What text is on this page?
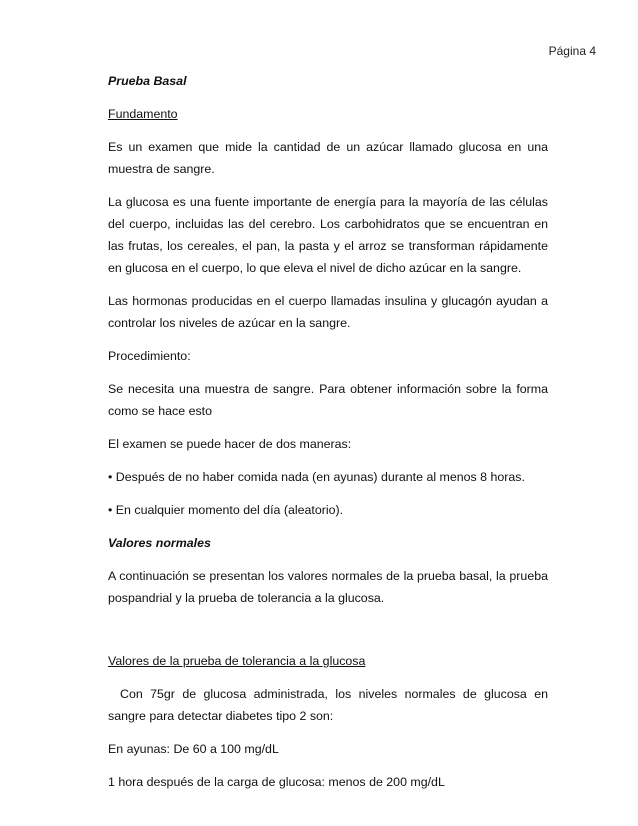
Página 4

Prueba Basal

Fundamento

Es un examen que mide la cantidad de un azúcar llamado glucosa en una muestra de sangre.

La glucosa es una fuente importante de energía para la mayoría de las células del cuerpo, incluidas las del cerebro. Los carbohidratos que se encuentran en las frutas, los cereales, el pan, la pasta y el arroz se transforman rápidamente en glucosa en el cuerpo, lo que eleva el nivel de dicho azúcar en la sangre.

Las hormonas producidas en el cuerpo llamadas insulina y glucagón ayudan a controlar los niveles de azúcar en la sangre.

Procedimiento:

Se necesita una muestra de sangre. Para obtener información sobre la forma como se hace esto

El examen se puede hacer de dos maneras:

• Después de no haber comida nada (en ayunas) durante al menos 8 horas.

• En cualquier momento del día (aleatorio).

Valores normales

A continuación se presentan los valores normales de la prueba basal, la prueba pospandrial y la prueba de tolerancia a la glucosa.

Valores de la prueba de tolerancia a la glucosa

Con 75gr de glucosa administrada, los niveles normales de glucosa en sangre para detectar diabetes tipo 2 son:

En ayunas: De 60 a 100 mg/dL

1 hora después de la carga de glucosa: menos de 200 mg/dL
